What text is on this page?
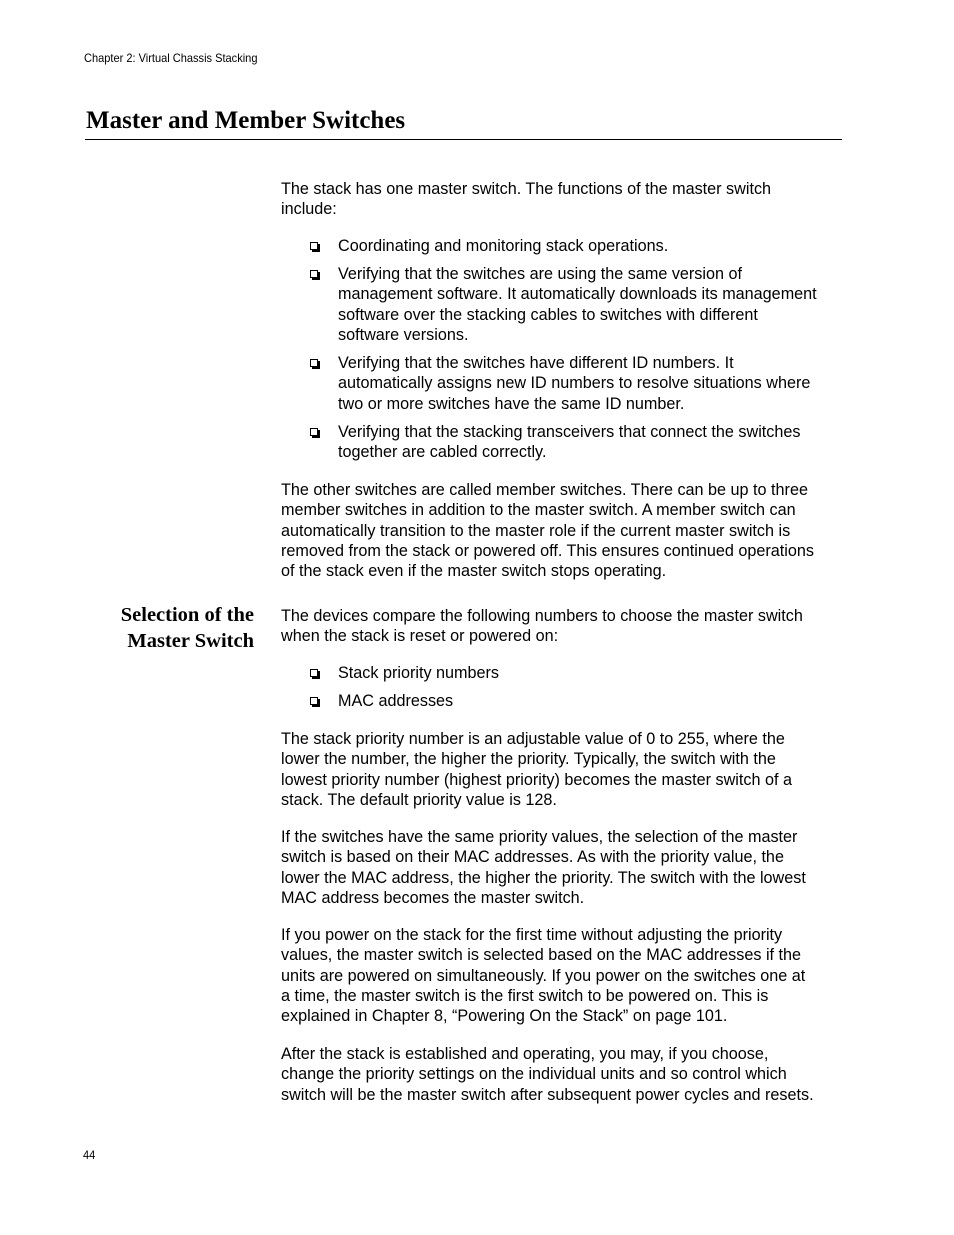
Chapter 2: Virtual Chassis Stacking
Master and Member Switches

The stack has one master switch. The functions of the master switch
include:

Coordinating and monitoring stack operations.
Verifying that the switches are using the same version of
management software. It automatically downloads its management
software over the stacking cables to switches with different
software versions.
Verifying that the switches have different ID numbers. It
automatically assigns new ID numbers to resolve situations where
two or more switches have the same ID number.
Verifying that the stacking transceivers that connect the switches
together are cabled correctly.

The other switches are called member switches. There can be up to three
member switches in addition to the master switch. A member switch can
automatically transition to the master role if the current master switch is
removed from the stack or powered off. This ensures continued operations
of the stack even if the master switch stops operating.

Selection of the
Master Switch

The devices compare the following numbers to choose the master switch
when the stack is reset or powered on:

Stack priority numbers
MAC addresses

The stack priority number is an adjustable value of 0 to 255, where the
lower the number, the higher the priority. Typically, the switch with the
lowest priority number (highest priority) becomes the master switch of a
stack. The default priority value is 128.

If the switches have the same priority values, the selection of the master
switch is based on their MAC addresses. As with the priority value, the
lower the MAC address, the higher the priority. The switch with the lowest
MAC address becomes the master switch.

If you power on the stack for the first time without adjusting the priority
values, the master switch is selected based on the MAC addresses if the
units are powered on simultaneously. If you power on the switches one at
a time, the master switch is the first switch to be powered on. This is
explained in Chapter 8, “Powering On the Stack” on page 101.

After the stack is established and operating, you may, if you choose,
change the priority settings on the individual units and so control which
switch will be the master switch after subsequent power cycles and resets.

44
